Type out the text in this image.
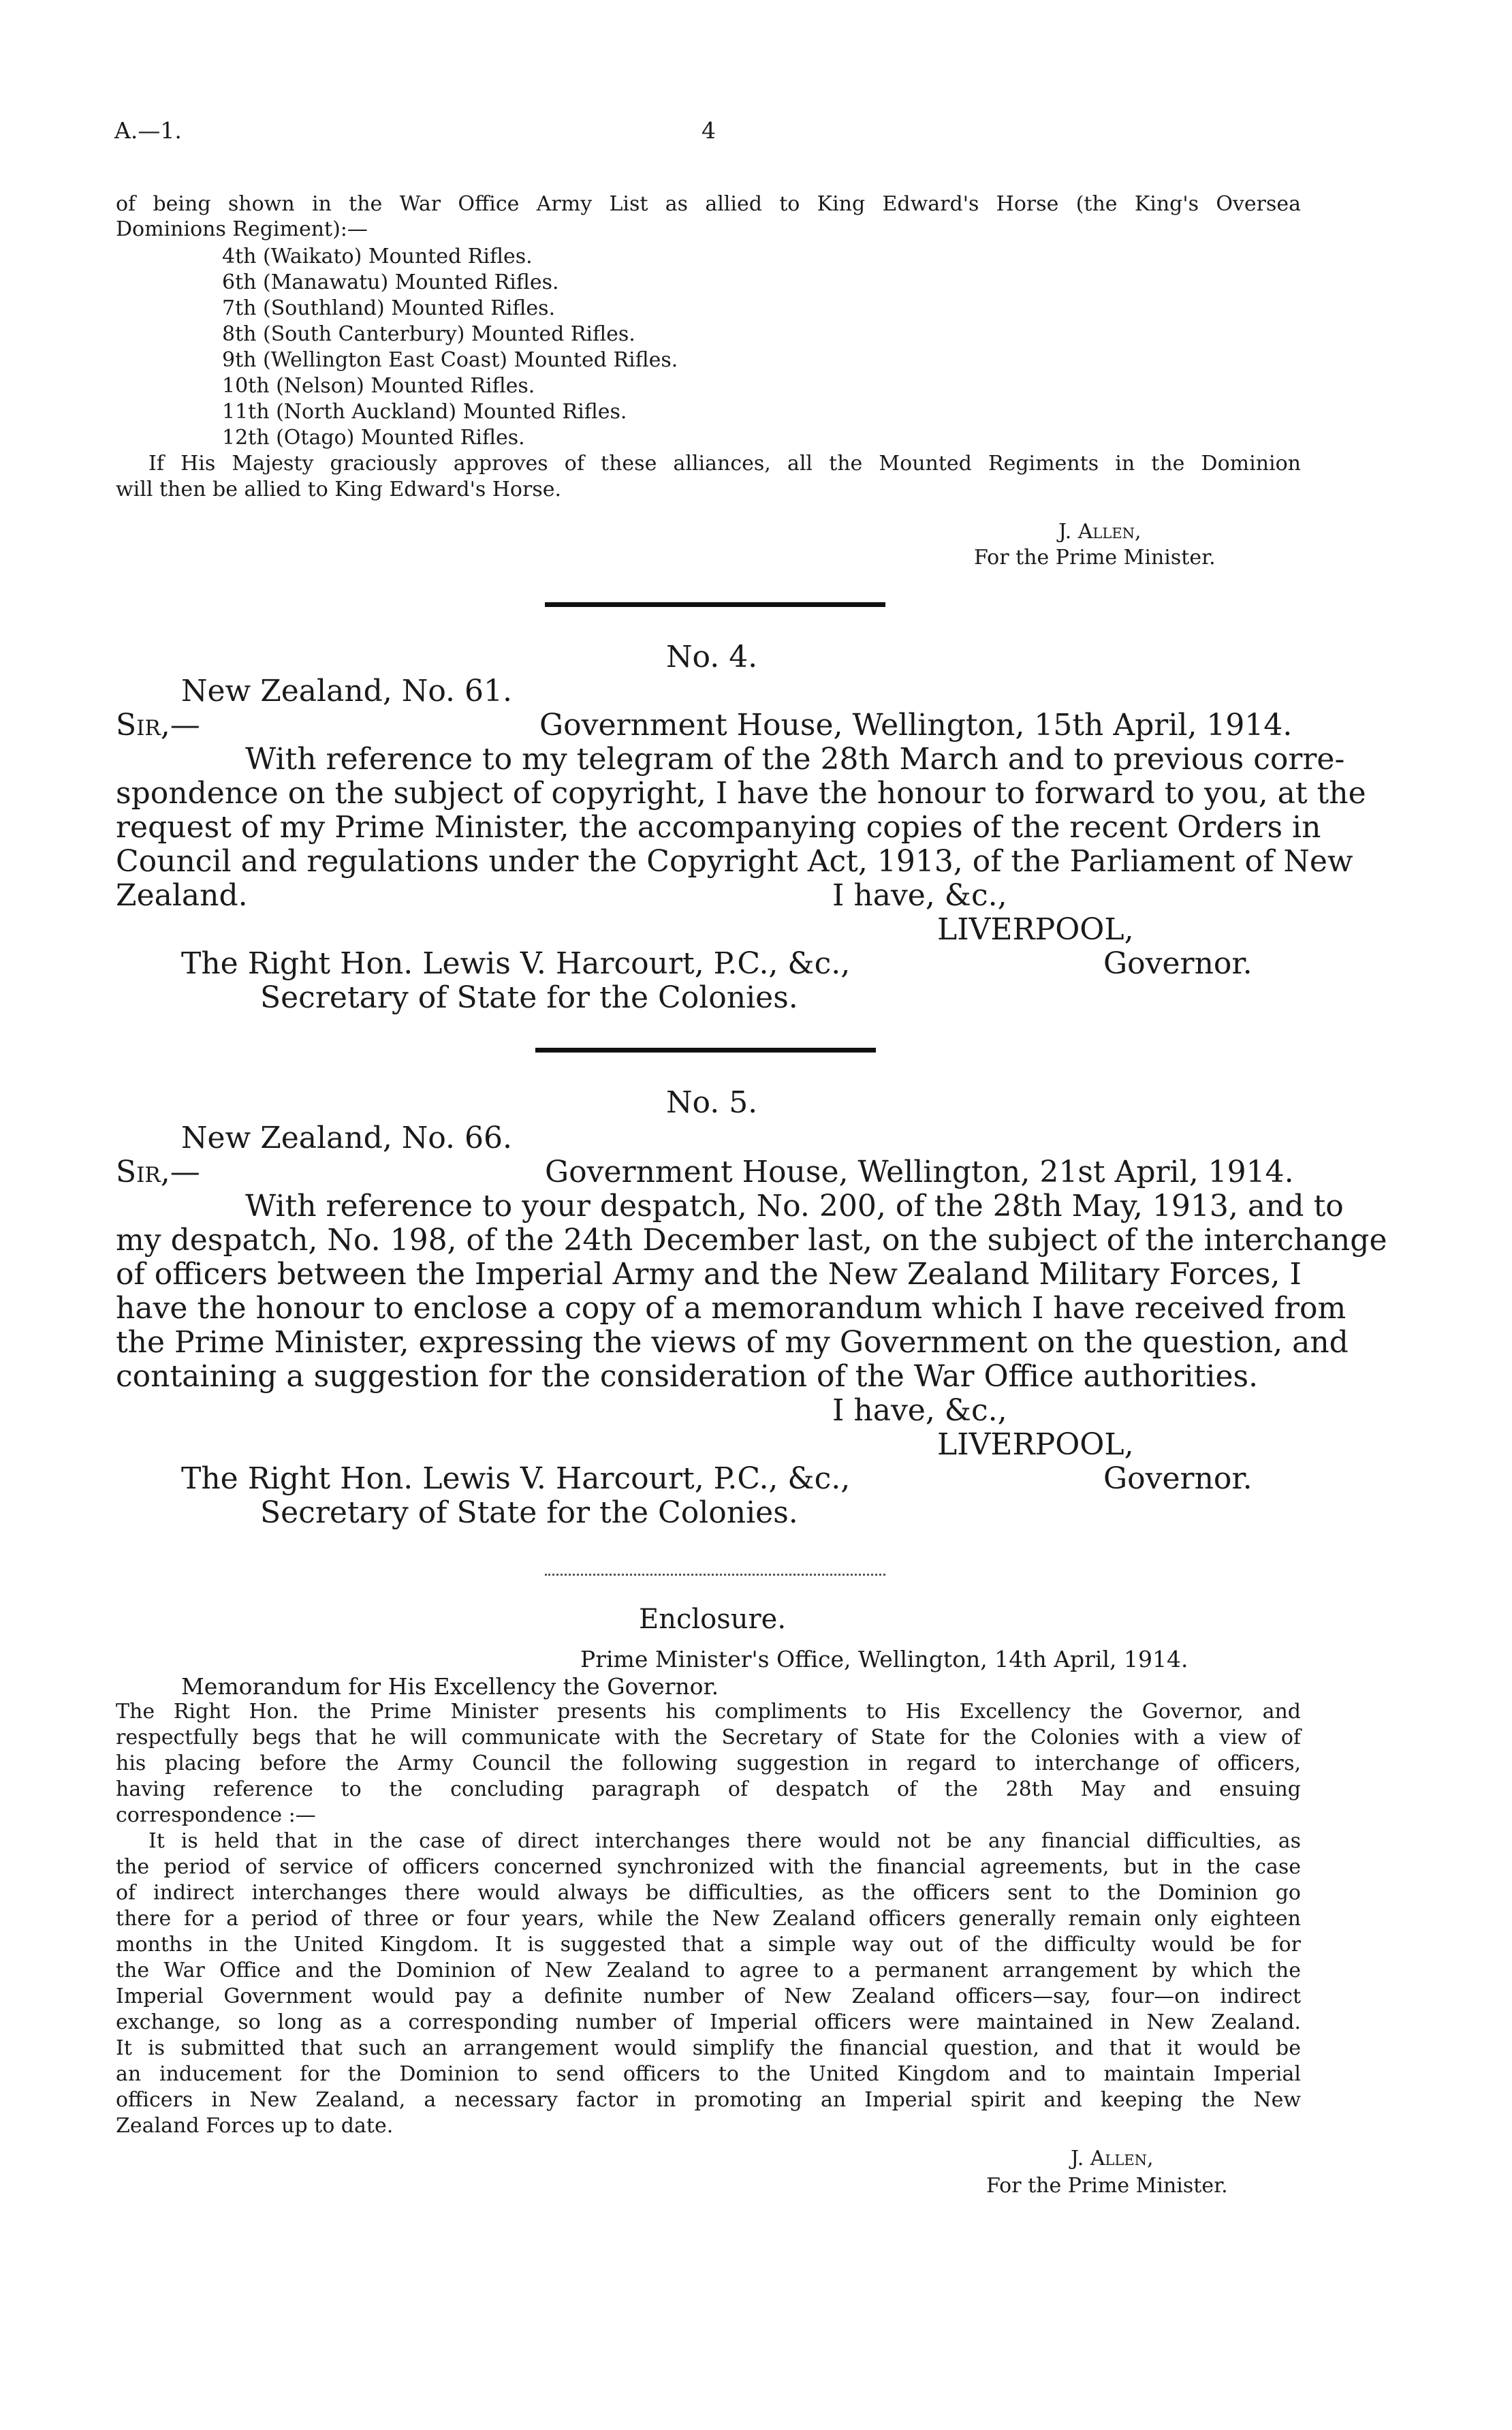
A.—1.	4
of being shown in the War Office Army List as allied to King Edward's Horse (the King's Oversea
Dominions Regiment):—
4th (Waikato) Mounted Rifles.
6th (Manawatu) Mounted Rifles.
7th (Southland) Mounted Rifles.
8th (South Canterbury) Mounted Rifles.
9th (Wellington East Coast) Mounted Rifles.
10th (Nelson) Mounted Rifles.
11th (North Auckland) Mounted Rifles.
12th (Otago) Mounted Rifles.
If His Majesty graciously approves of these alliances, all the Mounted Regiments in the Dominion
will then be allied to King Edward's Horse.
J. Allen,
For the Prime Minister.
No. 4.
New Zealand, No. 61.
Sir,—	Government House, Wellington, 15th April, 1914.
With reference to my telegram of the 28th March and to previous corre-
spondence on the subject of copyright, I have the honour to forward to you, at the
request of my Prime Minister, the accompanying copies of the recent Orders in
Council and regulations under the Copyright Act, 1913, of the Parliament of New
Zealand.	I have, &c.,
LIVERPOOL,
The Right Hon. Lewis V. Harcourt, P.C., &c.,	Governor.
Secretary of State for the Colonies.
No. 5.
New Zealand, No. 66.
Sir,—	Government House, Wellington, 21st April, 1914.
With reference to your despatch, No. 200, of the 28th May, 1913, and to
my despatch, No. 198, of the 24th December last, on the subject of the interchange
of officers between the Imperial Army and the New Zealand Military Forces, I
have the honour to enclose a copy of a memorandum which I have received from
the Prime Minister, expressing the views of my Government on the question, and
containing a suggestion for the consideration of the War Office authorities.
I have, &c.,
LIVERPOOL,
The Right Hon. Lewis V. Harcourt, P.C., &c.,	Governor.
Secretary of State for the Colonies.
Enclosure.
Prime Minister's Office, Wellington, 14th April, 1914.
Memorandum for His Excellency the Governor.
The Right Hon. the Prime Minister presents his compliments to His Excellency the Governor, and
respectfully begs that he will communicate with the Secretary of State for the Colonies with a view of
his placing before the Army Council the following suggestion in regard to interchange of officers,
having reference to the concluding paragraph of despatch of the 28th May and ensuing
correspondence :—
It is held that in the case of direct interchanges there would not be any financial difficulties, as
the period of service of officers concerned synchronized with the financial agreements, but in the case
of indirect interchanges there would always be difficulties, as the officers sent to the Dominion go
there for a period of three or four years, while the New Zealand officers generally remain only eighteen
months in the United Kingdom. It is suggested that a simple way out of the difficulty would be for
the War Office and the Dominion of New Zealand to agree to a permanent arrangement by which the
Imperial Government would pay a definite number of New Zealand officers—say, four—on indirect
exchange, so long as a corresponding number of Imperial officers were maintained in New Zealand.
It is submitted that such an arrangement would simplify the financial question, and that it would be
an inducement for the Dominion to send officers to the United Kingdom and to maintain Imperial
officers in New Zealand, a necessary factor in promoting an Imperial spirit and keeping the New
Zealand Forces up to date.
J. Allen,
For the Prime Minister.
